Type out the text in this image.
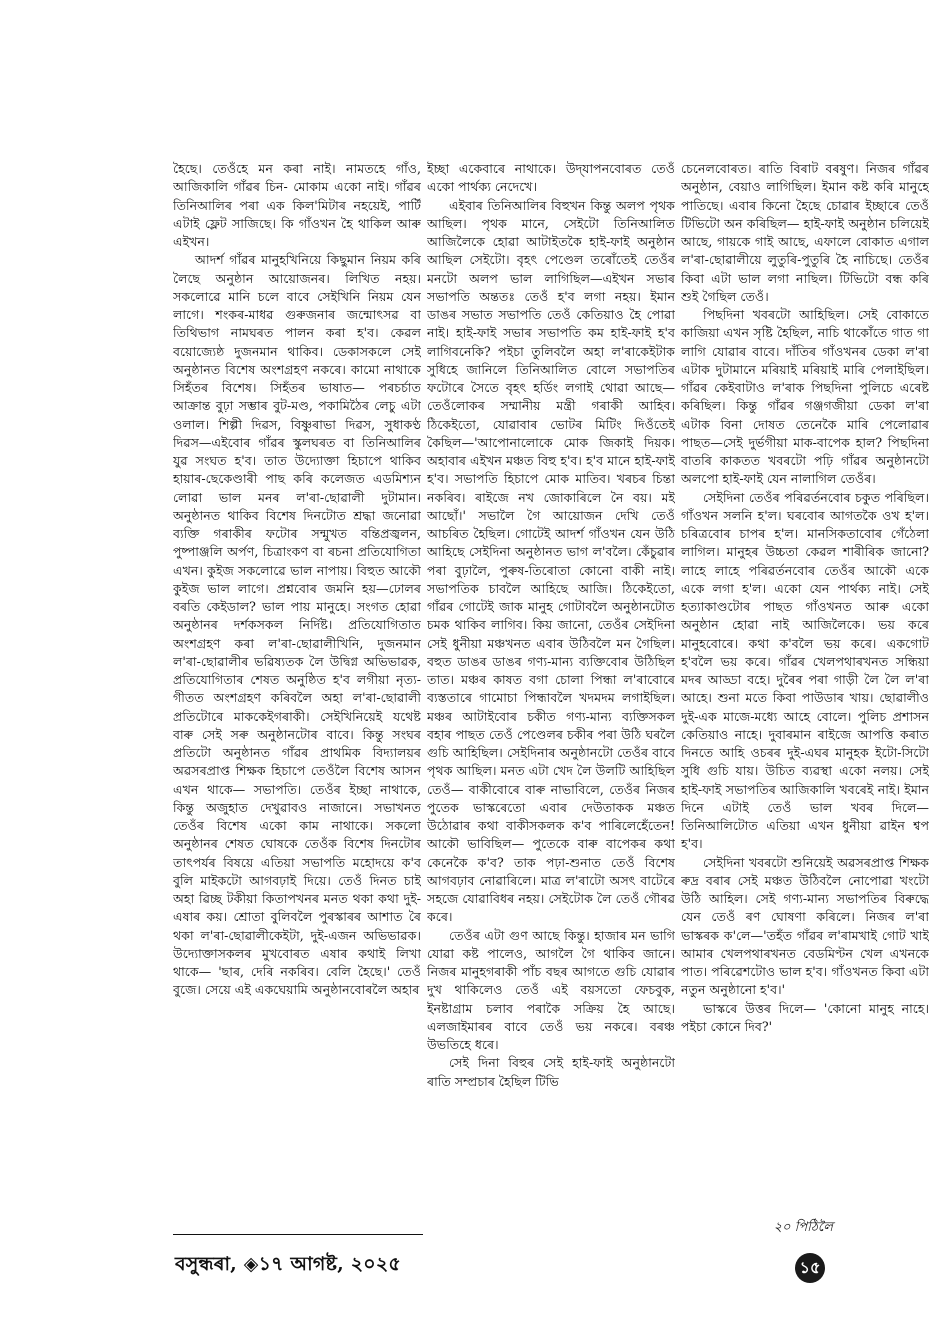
হৈছে। তেওঁহে মন কৰা নাই। নামতহে গাঁও, আজিকালি গাঁৱৰ চিন- মোকাম একো নাই। গাঁৱৰ তিনিআলিৰ পৰা এক কিল'মিটাৰ নহয়েই, পাৰ্টি এটাই ফ্লেট সাজিছে। কি গাঁওখন হৈ থাকিল আৰু এইখন।

আদৰ্শ গাঁৱৰ মানুহখিনিয়ে কিছুমান নিয়ম কৰি লৈছে অনুষ্ঠান আয়োজনৰ। লিখিত নহয়। সকলোৱে মানি চলে বাবে সেইখিনি নিয়ম যেন লাগে। শংকৰ-মাধৱ গুৰুজনাৰ জন্মোৎসৱ বা তিথিভাগ নামঘৰত পালন কৰা হ'ব। কেৱল বয়োজ্যেষ্ঠ দুজনমান থাকিব। ডেকাসকলে সেই অনুষ্ঠানত বিশেষ অংশগ্ৰহণ নকৰে। কামো নাথাকে সিহঁতৰ বিশেষ। সিহঁতৰ ভাষাত— পৰচৰ্চাত আক্ৰান্ত বুঢ়া সম্ভাৰ বুট-মণ্ড, পকামিঠৈৰ লেচু এটা ওলাল। শিল্পী দিৱস, বিষ্ণুৰাভা দিৱস, সুধাকণ্ঠ দিৱস—এইবোৰ গাঁৱৰ স্কুলঘৰত বা তিনিআলিৰ যুৱ সংঘত হ'ব। তাত উদ্যোক্তা হিচাপে থাকিব হায়াৰ-ছেকেণ্ডাৰী পাছ কৰি কলেজত এডমিশ্যন লোৱা ভাল মনৰ ল'ৰা-ছোৱালী দুটামান। অনুষ্ঠানত থাকিব বিশেষ দিনটোত শ্ৰদ্ধা জনোৱা ব্যক্তি গৰাকীৰ ফটোৰ সন্মুখত বন্তিপ্ৰজ্বলন, পুষ্পাঞ্জলি অৰ্পণ, চিত্ৰাংকণ বা ৰচনা প্ৰতিযোগিতা এখন। কুইজ সকলোৱে ভাল নাপায়। বিহুত আকৌ কুইজ ভাল লাগে। প্ৰশ্নবোৰ জমনি হয়—ঢোলৰ বৰতি কেইডাল? ভাল পায় মানুহে। সংগত হোৱা অনুষ্ঠানৰ দৰ্শকসকল নিৰ্দিষ্ট। প্ৰতিযোগিতাত অংশগ্ৰহণ কৰা ল'ৰা-ছোৱালীখিনি, দুজনমান ল'ৰা-ছোৱালীৰ ভৱিষ্যতক লৈ উদ্বিগ্ন অভিভাৱক, প্ৰতিযোগিতাৰ শেষত অনুষ্ঠিত হ'ব লগীয়া নৃত্য-গীতত অংশগ্ৰহণ কৰিবলৈ অহা ল'ৰা-ছোৱালী প্ৰতিটোৰে মাককেইগৰাকী। সেইখিনিয়েই যথেষ্ট বাৰু সেই সৰু অনুষ্ঠানটোৰ বাবে। কিন্তু সংঘৰ প্ৰতিটো অনুষ্ঠানত গাঁৱৰ প্ৰাথমিক বিদ্যালয়ৰ অৱসৰপ্ৰাপ্ত শিক্ষক হিচাপে তেওঁলৈ বিশেষ আসন এখন থাকে— সভাপতি। তেওঁৰ ইচ্ছা নাথাকে, কিন্তু অজুহাত দেখুৱাবও নাজানে। সভাখনত তেওঁৰ বিশেষ একো কাম নাথাকে। সকলো অনুষ্ঠানৰ শেষত ঘোষকে তেওঁক বিশেষ দিনটোৰ তাৎপৰ্যৰ বিষয়ে এতিয়া সভাপতি মহোদয়ে ক'ব বুলি মাইকটো আগবঢ়াই দিয়ে। তেওঁ দিনত চাই অহা ৱিচ্ছ টকীয়া কিতাপখনৰ মনত থকা কথা দুই-এষাৰ কয়। শ্ৰোতা বুলিবলৈ পুৰস্কাৰৰ আশাত ৰৈ থকা ল'ৰা-ছোৱালীকেইটা, দুই-এজন অভিভাৱক। উদ্যোক্তাসকলৰ মুখবোৰত এষাৰ কথাই লিখা থাকে— 'ছাৰ, দেৰি নকৰিব। বেলি হৈছে।' তেওঁ বুজে। সেয়ে এই একঘেয়ামি অনুষ্ঠানবোৰলৈ অহাৰ

ইচ্ছা একেবাৰে নাথাকে। উদ্‌যাপনবোৰত তেওঁ একো পাৰ্থক্য নেদেখে।

এইবাৰ তিনিআলিৰ বিহুখন কিন্তু অলপ পৃথক আছিল। পৃথক মানে, সেইটো তিনিআলিত আজিলৈকে হোৱা আটাইতকৈ হাই-ফাই অনুষ্ঠান আছিল সেইটো। বৃহৎ পেণ্ডেল তৰোঁতেই তেওঁৰ মনটো অলপ ভাল লাগিছিল—এইখন সভাৰ সভাপতি অন্ততঃ তেওঁ হ'ব লগা নহয়। ইমান ডাঙৰ সভাত সভাপতি তেওঁ কেতিয়াও হৈ পোৱা নাই। হাই-ফাই সভাৰ সভাপতি কম হাই-ফাই হ'ব লাগিবনেকি? পইচা তুলিবলৈ অহা ল'ৰাকেইটাক সুধিহে জানিলে তিনিআলিত বোলে সভাপতিৰ ফটোৰে সৈতে বৃহৎ হৰ্ডিং লগাই থোৱা আছে—তেওঁলোকৰ সম্মানীয় মন্ত্ৰী গৰাকী আহিব। ঠিকেইতো, যোৱাবাৰ ভোটৰ মিটিং দিওঁতেই কৈছিল—'আপোনালোকে মোক জিকাই দিয়ক। অহাবাৰ এইখন মঞ্চত বিহু হ'ব। হ'ব মানে হাই-ফাই হ'ব। সভাপতি হিচাপে মোক মাতিব। খৰচৰ চিন্তা নকৰিব। ৰাইজে নখ জোকাৰিলে নৈ বয়। মই আছোঁ।' সভালৈ গৈ আয়োজন দেখি তেওঁ আচৰিত হৈছিল। গোটেই আদৰ্শ গাঁওখন যেন উঠি আহিছে সেইদিনা অনুষ্ঠানত ভাগ ল'বলৈ। কেঁচুৱাৰ পৰা বুঢ়ালৈ, পুৰুষ-তিৰোতা কোনো বাকী নাই। সভাপতিক চাবলৈ আহিছে আজি। ঠিকেইতো, গাঁৱৰ গোটেই জাক মানুহ গোটাবলৈ অনুষ্ঠানটোত চমক থাকিব লাগিব। কিয় জানো, তেওঁৰ সেইদিনা সেই ধুনীয়া মঞ্চখনত এবাৰ উঠিবলৈ মন গৈছিল। বহুত ডাঙৰ ডাঙৰ গণ্য-মান্য ব্যক্তিবোৰ উঠিছিল তাত। মঞ্চৰ কাষত বগা চোলা পিন্ধা ল'ৰাবোৰে ব্যস্ততাৰে গামোচা পিন্ধাবলৈ খদমদম লগাইছিল। মঞ্চৰ আটাইবোৰ চকীত গণ্য-মান্য ব্যক্তিসকল বহাৰ পাছত তেওঁ পেণ্ডেলৰ চকীৰ পৰা উঠি ঘৰলৈ গুচি আহিছিল। সেইদিনাৰ অনুষ্ঠানটো তেওঁৰ বাবে পৃথক আছিল। মনত এটা খেদ লৈ উলটি আহিছিল তেওঁ— বাকীবোৰে বাৰু নাভাবিলে, তেওঁৰ নিজৰ পুতেক ভাস্কৰেতো এবাৰ দেউতাকক মঞ্চত উঠোৱাৰ কথা বাকীসকলক ক'ব পাৰিলেহেঁতেন! আকৌ ভাবিছিল— পুতেকে বাৰু বাপেকৰ কথা কেনেকৈ ক'ব? তাক পঢ়া-শুনাত তেওঁ বিশেষ আগবঢ়াব নোৱাৰিলে। মাত্ৰ ল'ৰাটো অসৎ বাটেৰে সহজে যোৱাবিধৰ নহয়। সেইটোক লৈ তেওঁ গৌৰৱ কৰে।

তেওঁৰ এটা গুণ আছে কিন্তু। হাজাৰ মন ভাগি যোৱা কষ্ট পালেও, আগলৈ গৈ থাকিব জানে। নিজৰ মানুহগৰাকী পাঁচ বছৰ আগতে গুচি যোৱাৰ দুখ থাকিলেও তেওঁ এই বয়সতো ফেচবুক, ইনষ্টাগ্ৰাম চলাব পৰাকৈ সক্ৰিয় হৈ আছে। এলজাইমাৰৰ বাবে তেওঁ ভয় নকৰে। বৰঞ্চ উভতিহে ধৰে।

সেই দিনা বিহুৰ সেই হাই-ফাই অনুষ্ঠানটো ৰাতি সম্প্ৰচাৰ হৈছিল টিভি

চেনেলবোৰত। ৰাতি বিৰাট বৰষুণ। নিজৰ গাঁৱৰ অনুষ্ঠান, বেয়াও লাগিছিল। ইমান কষ্ট কৰি মানুহে পাতিছে। এবাৰ কিনো হৈছে চোৱাৰ ইচ্ছাৰে তেওঁ টিভিটো অন কৰিছিল— হাই-ফাই অনুষ্ঠান চলিয়েই আছে, গায়কে গাই আছে, এফালে বোকাত এগাল ল'ৰা-ছোৱালীয়ে লুতুৰি-পুতুৰি হৈ নাচিছে। তেওঁৰ কিবা এটা ভাল লগা নাছিল। টিভিটো বন্ধ কৰি শুই গৈছিল তেওঁ।

পিছদিনা খবৰটো আহিছিল। সেই বোকাতে কাজিয়া এখন সৃষ্টি হৈছিল, নাচি থাকোঁতে গাত গা লাগি যোৱাৰ বাবে। দাঁতিৰ গাঁওখনৰ ডেকা ল'ৰা এটাক দুটামানে মৰিয়াই মৰিয়াই মাৰি পেলাইছিল। গাঁৱৰ কেইবাটাও ল'ৰাক পিছদিনা পুলিচে এৰেষ্ট কৰিছিল। কিন্তু গাঁৱৰ গঞ্জগজীয়া ডেকা ল'ৰা এটাক বিনা দোষত তেনেকৈ মাৰি পেলোৱাৰ পাছত—সেই দুৰ্ভগীয়া মাক-বাপেক হাল? পিছদিনা বাতৰি কাকতত খবৰটো পঢ়ি গাঁৱৰ অনুষ্ঠানটো অলপো হাই-ফাই যেন নালাগিল তেওঁৰ।

সেইদিনা তেওঁৰ পৰিৱৰ্তনবোৰ চকুত পৰিছিল। গাঁওখন সলনি হ'ল। ঘৰবোৰ আগতকৈ ওখ হ'ল। চৰিত্ৰবোৰ চাপৰ হ'ল। মানসিকতাবোৰ গেঁঠেলা লাগিল। মানুহৰ উচ্চতা কেৱল শাৰীৰিক জানো? লাহে লাহে পৰিৱৰ্তনবোৰ তেওঁৰ আকৌ একে একে লগা হ'ল। একো যেন পাৰ্থক্য নাই। সেই হত্যাকাণ্ডটোৰ পাছত গাঁওখনত আৰু একো অনুষ্ঠান হোৱা নাই আজিলৈকে। ভয় কৰে মানুহবোৰে। কথা ক'বলৈ ভয় কৰে। একগোট হ'বলৈ ভয় কৰে। গাঁৱৰ খেলপথাৰখনত সন্ধিয়া মদৰ আড্ডা বহে। দুৰৈৰ পৰা গাড়ী লৈ লৈ ল'ৰা আহে। শুনা মতে কিবা পাউডাৰ খায়। ছোৱালীও দুই-এক মাজে-মধ্যে আহে বোলে। পুলিচ প্ৰশাসন কেতিয়াও নাহে। দুবাৰমান ৰাইজে আপত্তি কৰাত দিনতে আহি ওচৰৰ দুই-এঘৰ মানুহক ইটো-সিটো সুধি গুচি যায়। উচিত ব্যৱস্থা একো নলয়। সেই হাই-ফাই সভাপতিৰ আজিকালি খবৰেই নাই। ইমান দিনে এটাই তেওঁ ভাল খবৰ দিলে— তিনিআলিটোত এতিয়া এখন ধুনীয়া ৱাইন শ্বপ হ'ব।

সেইদিনা খবৰটো শুনিয়েই অৱসৰপ্ৰাপ্ত শিক্ষক ৰুদ্ৰ বৰাৰ সেই মঞ্চত উঠিবলৈ নোপোৱা খংটো উঠি আহিল। সেই গণ্য-মান্য সভাপতিৰ বিৰুদ্ধে যেন তেওঁ ৰণ ঘোষণা কৰিলে। নিজৰ ল'ৰা ভাস্কৰক ক'লে—'তহঁত গাঁৱৰ ল'ৰামখাই গোট খাই আমাৰ খেলপথাৰখনত বেডমিণ্টন খেল এখনকে পাত। পৰিৱেশটোও ভাল হ'ব। গাঁওখনত কিবা এটা নতুন অনুষ্ঠানো হ'ব।'

ভাস্কৰে উত্তৰ দিলে— 'কোনো মানুহ নাহে। পইচা কোনে দিব?'

২০ পিঠিলৈ
বসুন্ধৰা, ◈১৭ আগষ্ট, ২০২৫	১৫
